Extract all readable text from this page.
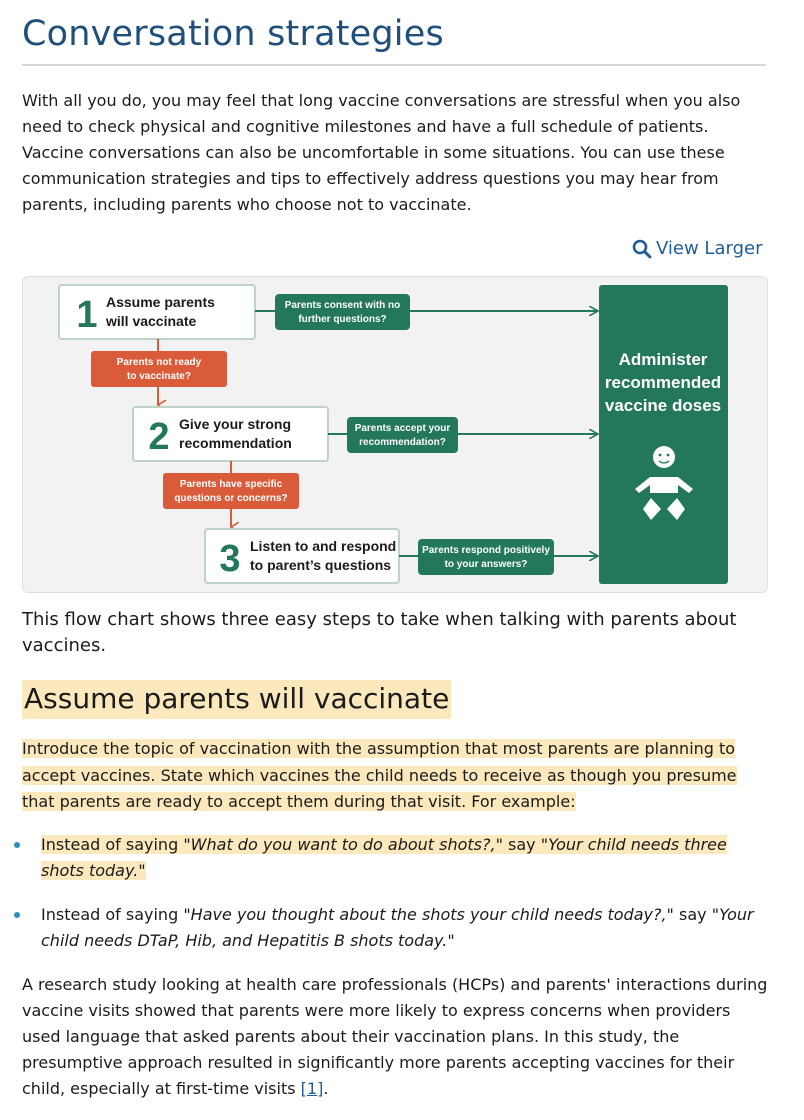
Conversation strategies

With all you do, you may feel that long vaccine conversations are stressful when you also need to check physical and cognitive milestones and have a full schedule of patients. Vaccine conversations can also be uncomfortable in some situations. You can use these communication strategies and tips to effectively address questions you may hear from parents, including parents who choose not to vaccinate.

View Larger
Administer
recommended
vaccine doses
1 Assume parents
will vaccinate
Parents consent with no
further questions?
Parents not ready
to vaccinate?
2 Give your strong
recommendation
Parents accept your
recommendation?
Parents have specific
questions or concerns?
3 Listen to and respond
to parent’s questions
Parents respond positively
to your answers?

This flow chart shows three easy steps to take when talking with parents about vaccines.

Assume parents will vaccinate

Introduce the topic of vaccination with the assumption that most parents are planning to accept vaccines. State which vaccines the child needs to receive as though you presume that parents are ready to accept them during that visit. For example:

Instead of saying "What do you want to do about shots?," say "Your child needs three shots today."
Instead of saying "Have you thought about the shots your child needs today?," say "Your child needs DTaP, Hib, and Hepatitis B shots today."

A research study looking at health care professionals (HCPs) and parents' interactions during vaccine visits showed that parents were more likely to express concerns when providers used language that asked parents about their vaccination plans. In this study, the presumptive approach resulted in significantly more parents accepting vaccines for their child, especially at first-time visits [1].
